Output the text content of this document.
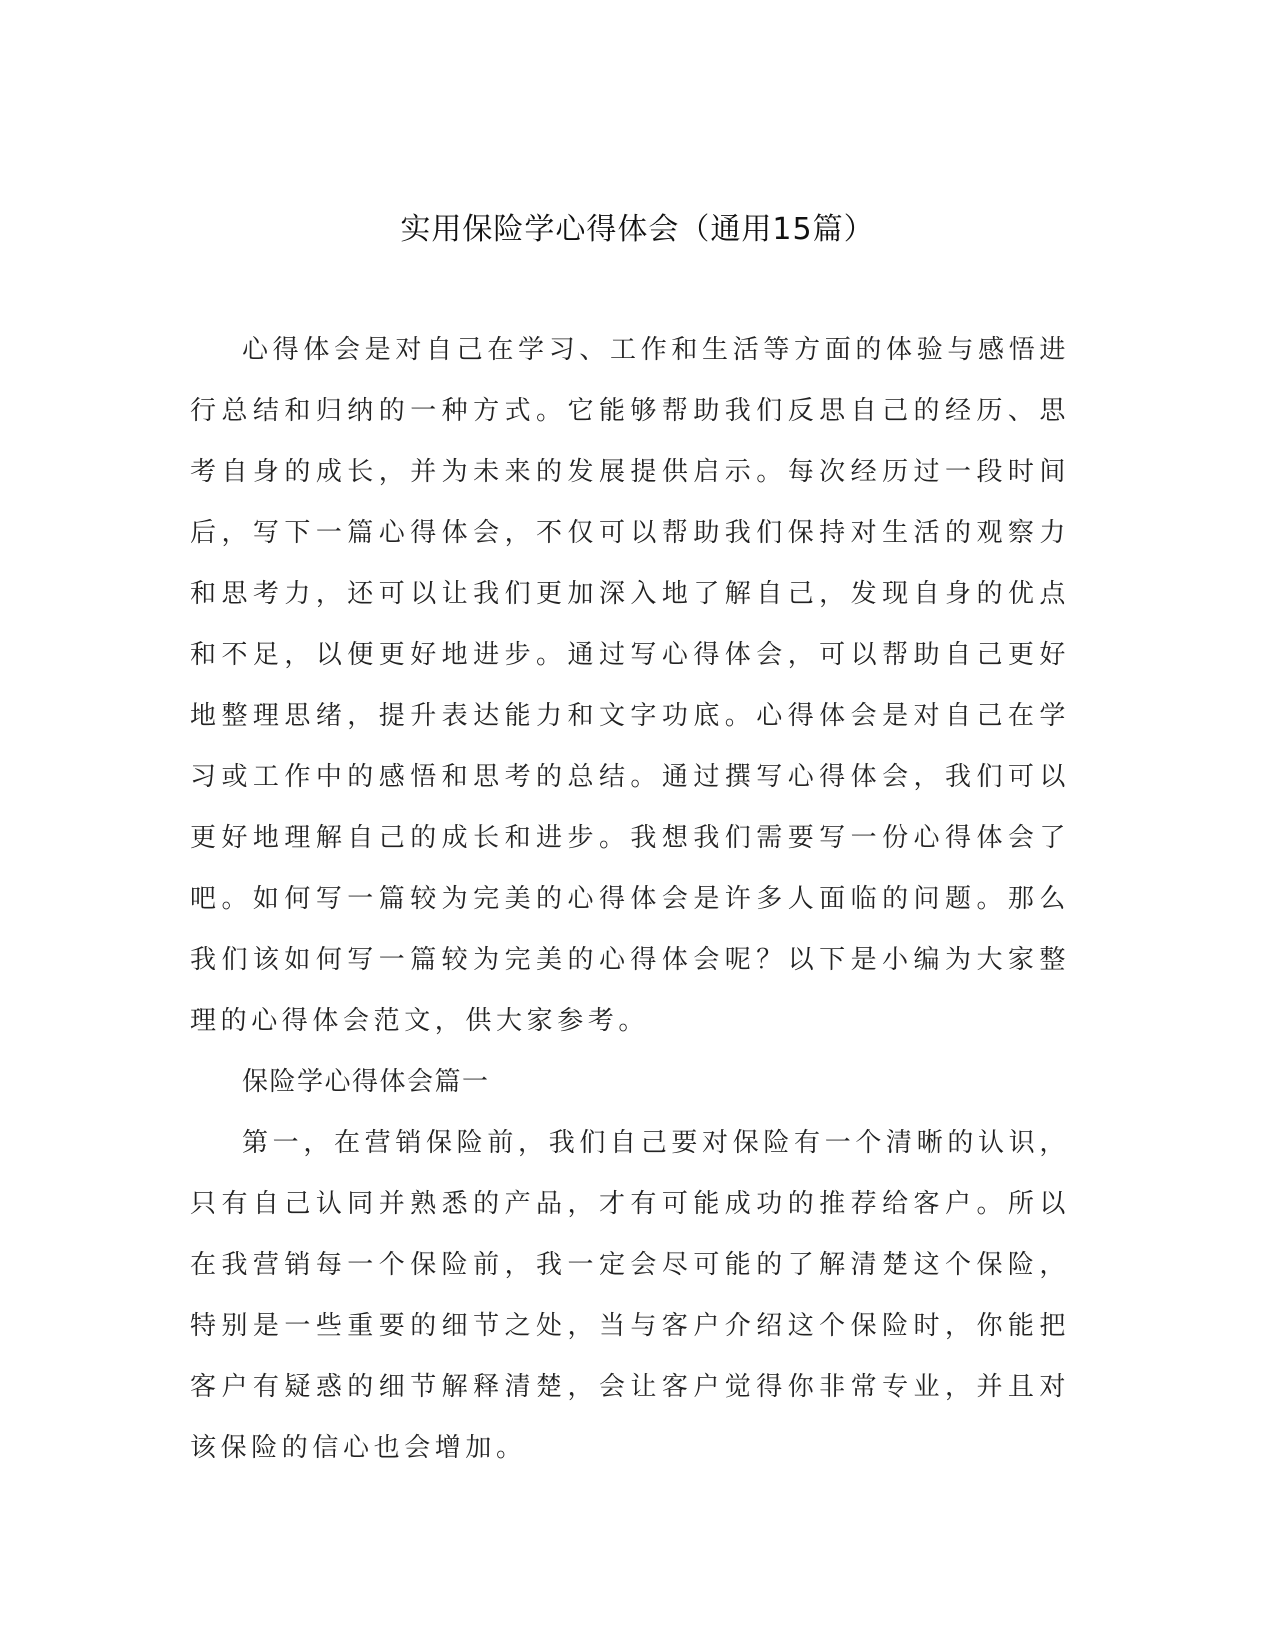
实用保险学心得体会（通用15篇）

心得体会是对自己在学习、工作和生活等方面的体验与感悟进行总结和归纳的一种方式。它能够帮助我们反思自己的经历、思考自身的成长，并为未来的发展提供启示。每次经历过一段时间后，写下一篇心得体会，不仅可以帮助我们保持对生活的观察力和思考力，还可以让我们更加深入地了解自己，发现自身的优点和不足，以便更好地进步。通过写心得体会，可以帮助自己更好地整理思绪，提升表达能力和文字功底。心得体会是对自己在学习或工作中的感悟和思考的总结。通过撰写心得体会，我们可以更好地理解自己的成长和进步。我想我们需要写一份心得体会了吧。如何写一篇较为完美的心得体会是许多人面临的问题。那么我们该如何写一篇较为完美的心得体会呢？以下是小编为大家整理的心得体会范文，供大家参考。

保险学心得体会篇一

第一，在营销保险前，我们自己要对保险有一个清晰的认识，只有自己认同并熟悉的产品，才有可能成功的推荐给客户。所以在我营销每一个保险前，我一定会尽可能的了解清楚这个保险，特别是一些重要的细节之处，当与客户介绍这个保险时，你能把客户有疑惑的细节解释清楚，会让客户觉得你非常专业，并且对该保险的信心也会增加。
